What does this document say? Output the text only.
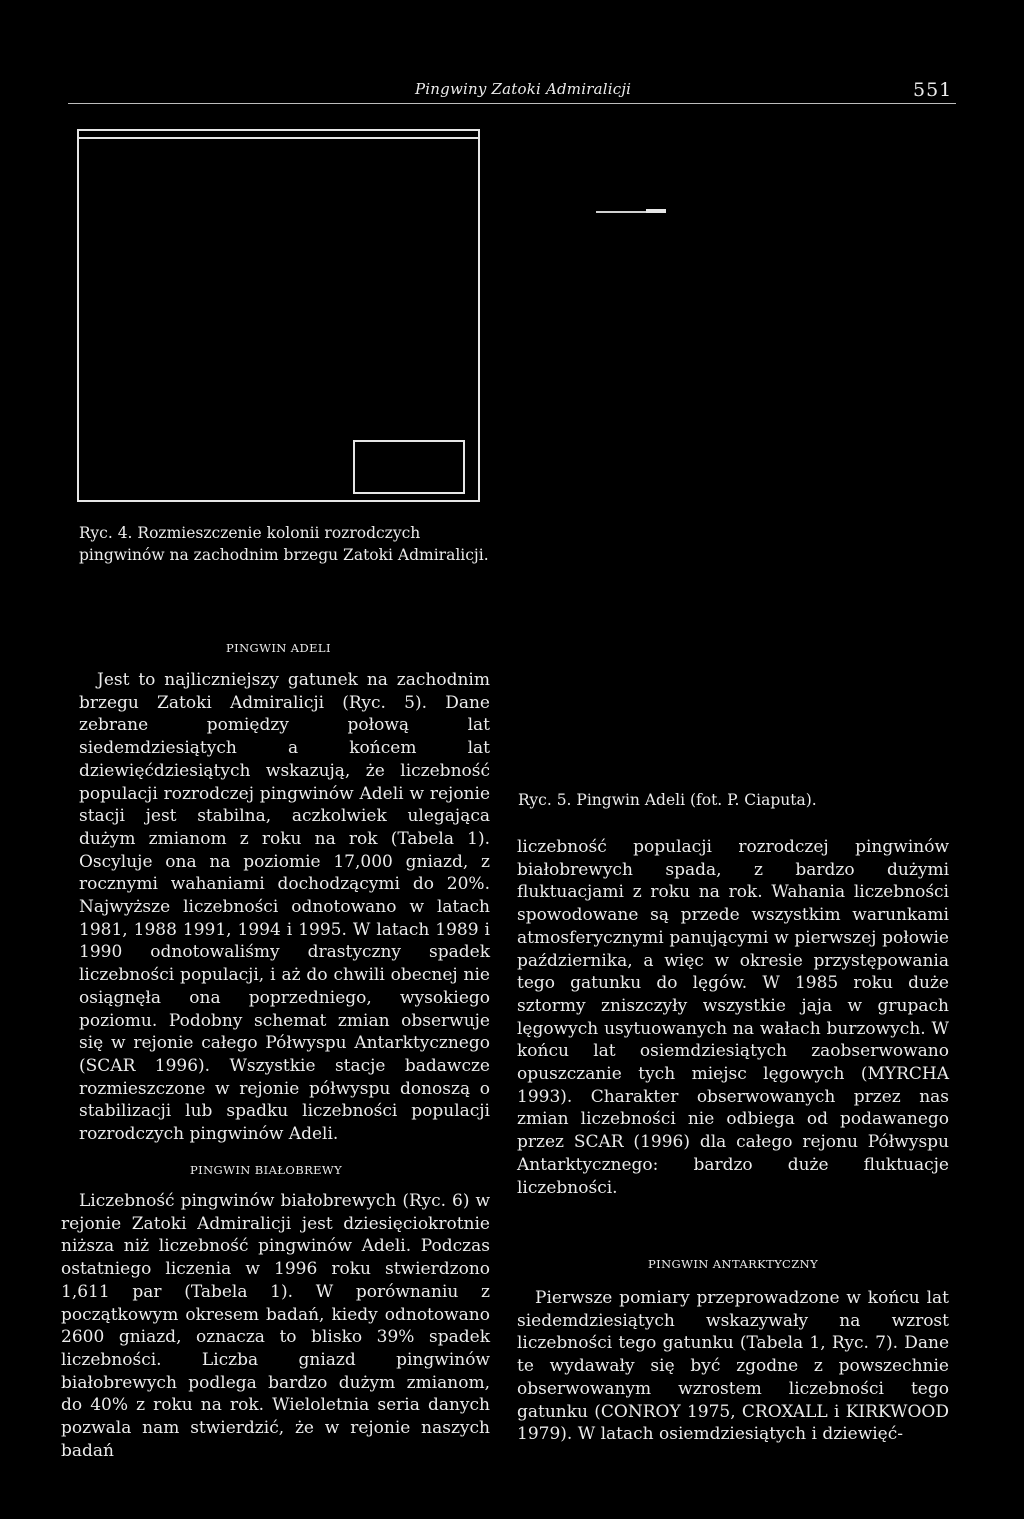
Pingwiny Zatoki Admiralicji	551
Ryc. 4. Rozmieszczenie kolonii rozrodczych pingwinów na zachodnim brzegu Zatoki Admiralicji.
PINGWIN ADELI

Jest to najliczniejszy gatunek na zachodnim brzegu Zatoki Admiralicji (Ryc. 5). Dane zebrane pomiędzy połową lat siedemdziesiątych a końcem lat dziewięćdziesiątych wskazują, że liczebność populacji rozrodczej pingwinów Adeli w rejonie stacji jest stabilna, aczkolwiek ulegająca dużym zmianom z roku na rok (Tabela 1). Oscyluje ona na poziomie 17,000 gniazd, z rocznymi wahaniami dochodzącymi do 20%. Najwyższe liczebności odnotowano w latach 1981, 1988 1991, 1994 i 1995. W latach 1989 i 1990 odnotowaliśmy drastyczny spadek liczebności populacji, i aż do chwili obecnej nie osiągnęła ona poprzedniego, wysokiego poziomu. Podobny schemat zmian obserwuje się w rejonie całego Półwyspu Antarktycznego (SCAR 1996). Wszystkie stacje badawcze rozmieszczone w rejonie półwyspu donoszą o stabilizacji lub spadku liczebności populacji rozrodczych pingwinów Adeli.

PINGWIN BIAŁOBREWY

Liczebność pingwinów białobrewych (Ryc. 6) w rejonie Zatoki Admiralicji jest dziesięciokrotnie niższa niż liczebność pingwinów Adeli. Podczas ostatniego liczenia w 1996 roku stwierdzono 1,611 par (Tabela 1). W porównaniu z początkowym okresem badań, kiedy odnotowano 2600 gniazd, oznacza to blisko 39% spadek liczebności. Liczba gniazd pingwinów białobrewych podlega bardzo dużym zmianom, do 40% z roku na rok. Wieloletnia seria danych pozwala nam stwierdzić, że w rejonie naszych badań

Ryc. 5. Pingwin Adeli (fot. P. Ciaputa).

liczebność populacji rozrodczej pingwinów białobrewych spada, z bardzo dużymi fluktuacjami z roku na rok. Wahania liczebności spowodowane są przede wszystkim warunkami atmosferycznymi panującymi w pierwszej połowie października, a więc w okresie przystępowania tego gatunku do lęgów. W 1985 roku duże sztormy zniszczyły wszystkie jaja w grupach lęgowych usytuowanych na wałach burzowych. W końcu lat osiemdziesiątych zaobserwowano opuszczanie tych miejsc lęgowych (MYRCHA 1993). Charakter obserwowanych przez nas zmian liczebności nie odbiega od podawanego przez SCAR (1996) dla całego rejonu Półwyspu Antarktycznego: bardzo duże fluktuacje liczebności.

PINGWIN ANTARKTYCZNY

Pierwsze pomiary przeprowadzone w końcu lat siedemdziesiątych wskazywały na wzrost liczebności tego gatunku (Tabela 1, Ryc. 7). Dane te wydawały się być zgodne z powszechnie obserwowanym wzrostem liczebności tego gatunku (CONROY 1975, CROXALL i KIRKWOOD 1979). W latach osiemdziesiątych i dziewięć-
